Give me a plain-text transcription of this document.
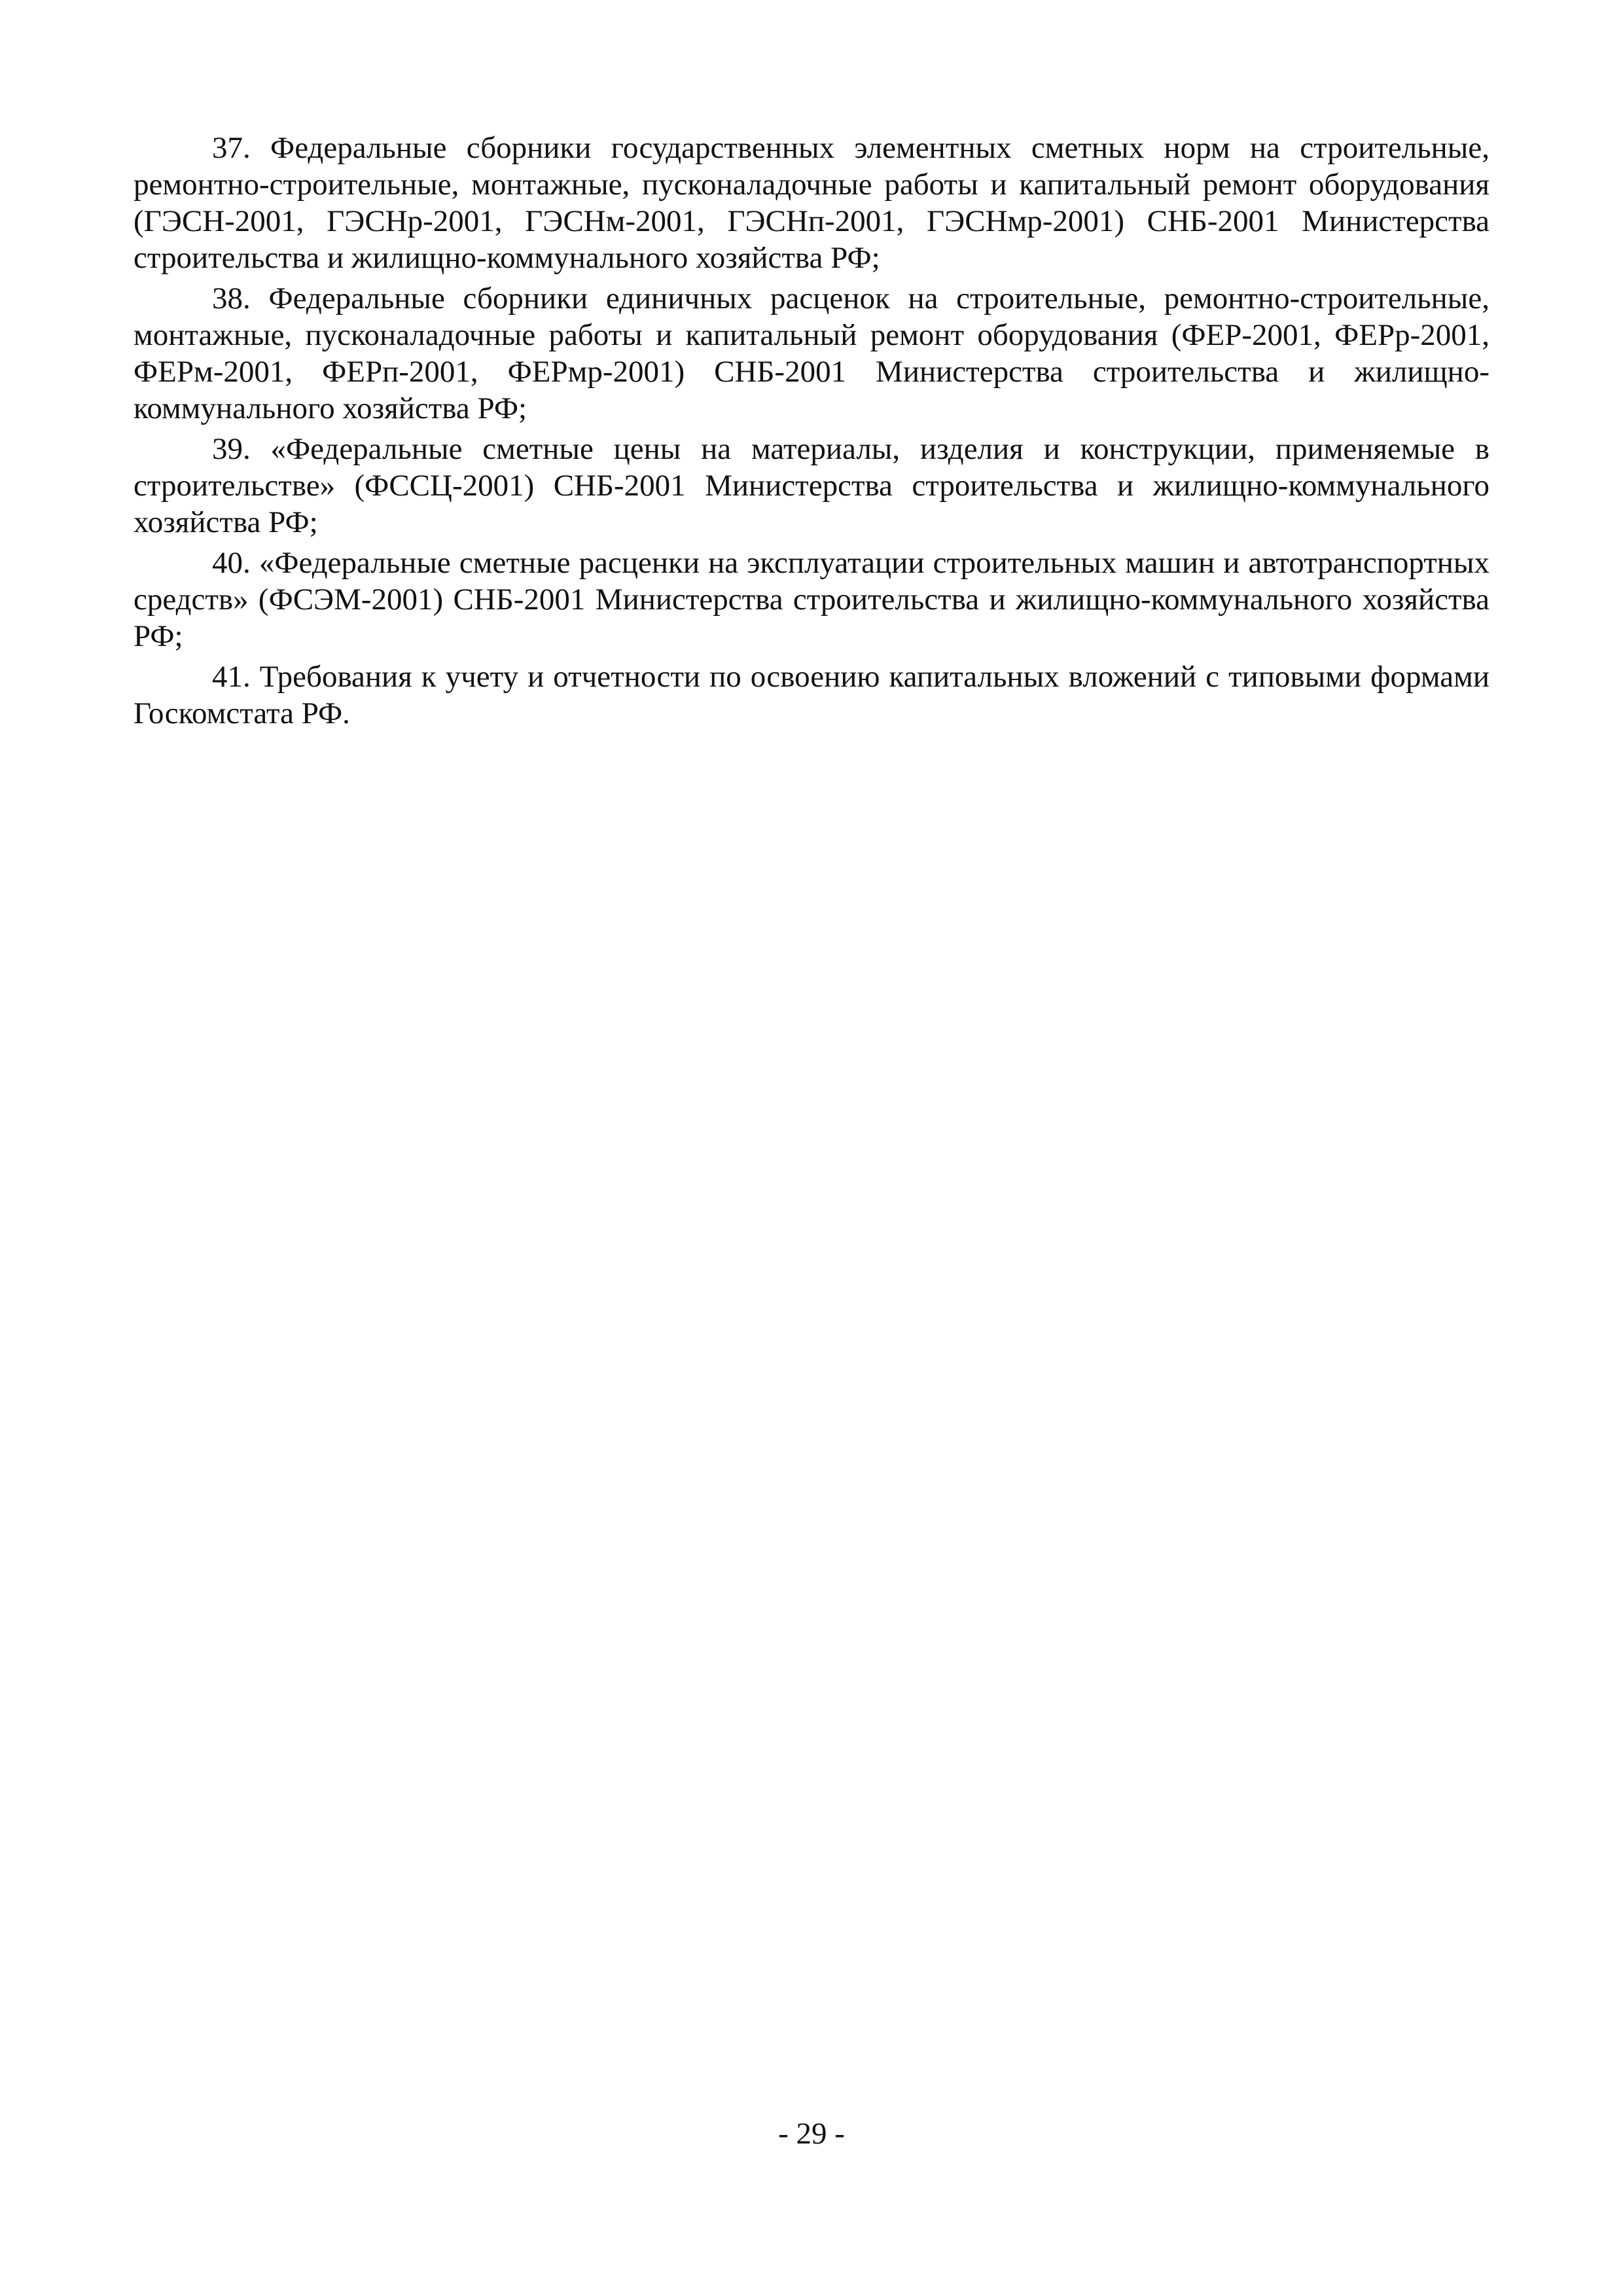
37. Федеральные сборники государственных элементных сметных норм на строительные, ремонтно-строительные, монтажные, пусконаладочные работы и капитальный ремонт оборудования (ГЭСН-2001, ГЭСНр-2001, ГЭСНм-2001, ГЭСНп-2001, ГЭСНмр-2001) СНБ-2001 Министерства строительства и жилищно-коммунального хозяйства РФ;

38. Федеральные сборники единичных расценок на строительные, ремонтно-строительные, монтажные, пусконаладочные работы и капитальный ремонт оборудования (ФЕР-2001, ФЕРр-2001, ФЕРм-2001, ФЕРп-2001, ФЕРмр-2001) СНБ-2001 Министерства строительства и жилищно-коммунального хозяйства РФ;

39. «Федеральные сметные цены на материалы, изделия и конструкции, применяемые в строительстве» (ФССЦ-2001) СНБ-2001 Министерства строительства и жилищно-коммунального хозяйства РФ;

40. «Федеральные сметные расценки на эксплуатации строительных машин и автотранспортных средств» (ФСЭМ-2001) СНБ-2001 Министерства строительства и жилищно-коммунального хозяйства РФ;

41. Требования к учету и отчетности по освоению капитальных вложений с типовыми формами Госкомстата РФ.

- 29 -
